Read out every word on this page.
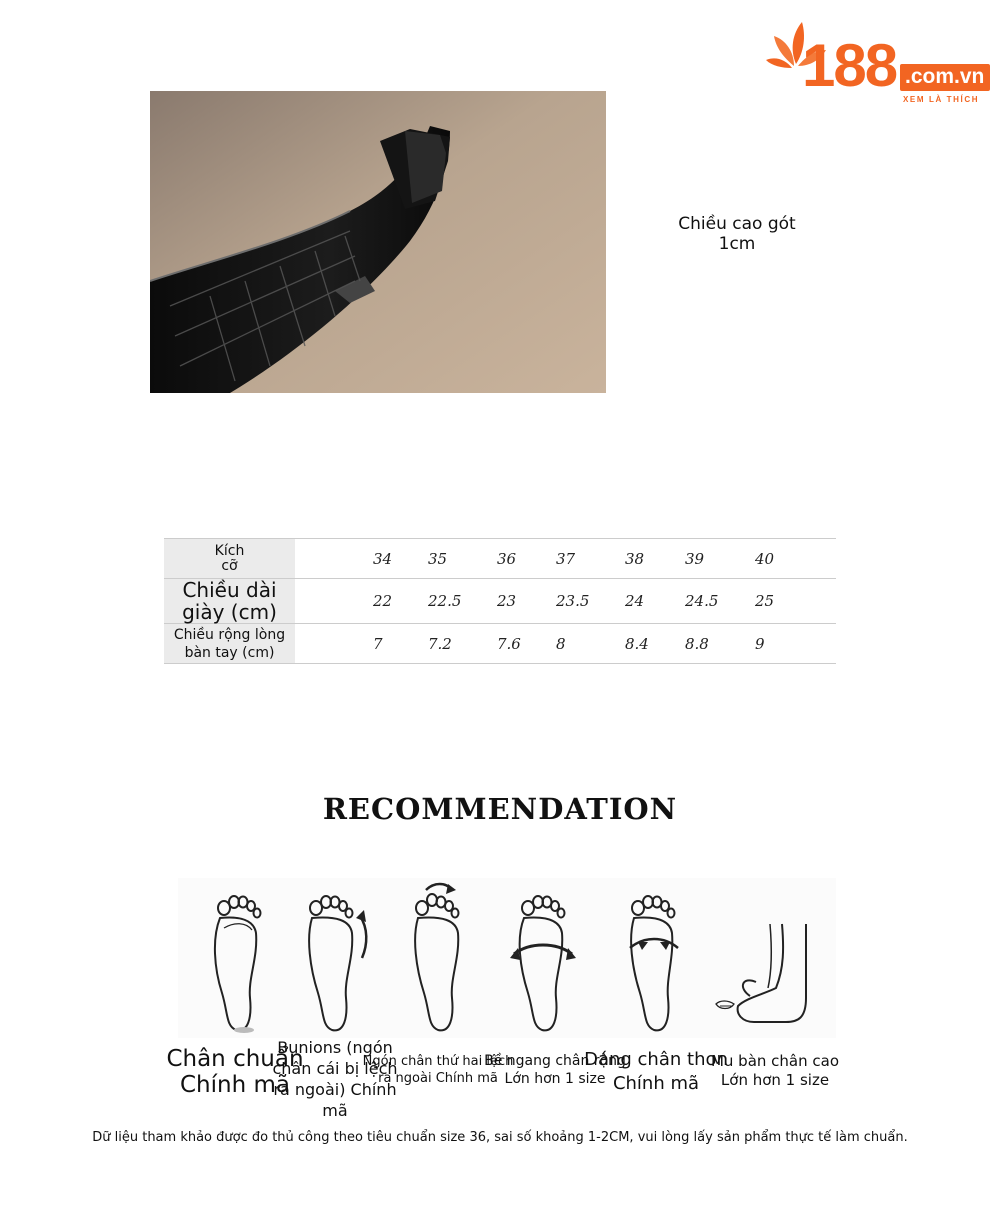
188 .com.vn
XEM LÀ THÍCH
Chiều cao gót
1cm
Kích
cỡ	34	35	36	37	38	39	40
Chiều dài
giày (cm)	22	22.5	23	23.5	24	24.5	25
Chiều rộng lòng
bàn tay (cm)	7	7.2	7.6	8	8.4	8.8	9
RECOMMENDATION
Chân chuẩn Chính mã
Bunions (ngón chân cái bị lệch ra ngoài) Chính mã
Ngón chân thứ hai lệch ra ngoài Chính mã
Bề ngang chân rộng Lớn hơn 1 size
Dáng chân thon Chính mã
Mu bàn chân cao Lớn hơn 1 size
Dữ liệu tham khảo được đo thủ công theo tiêu chuẩn size 36, sai số khoảng 1-2CM, vui lòng lấy sản phẩm thực tế làm chuẩn.
